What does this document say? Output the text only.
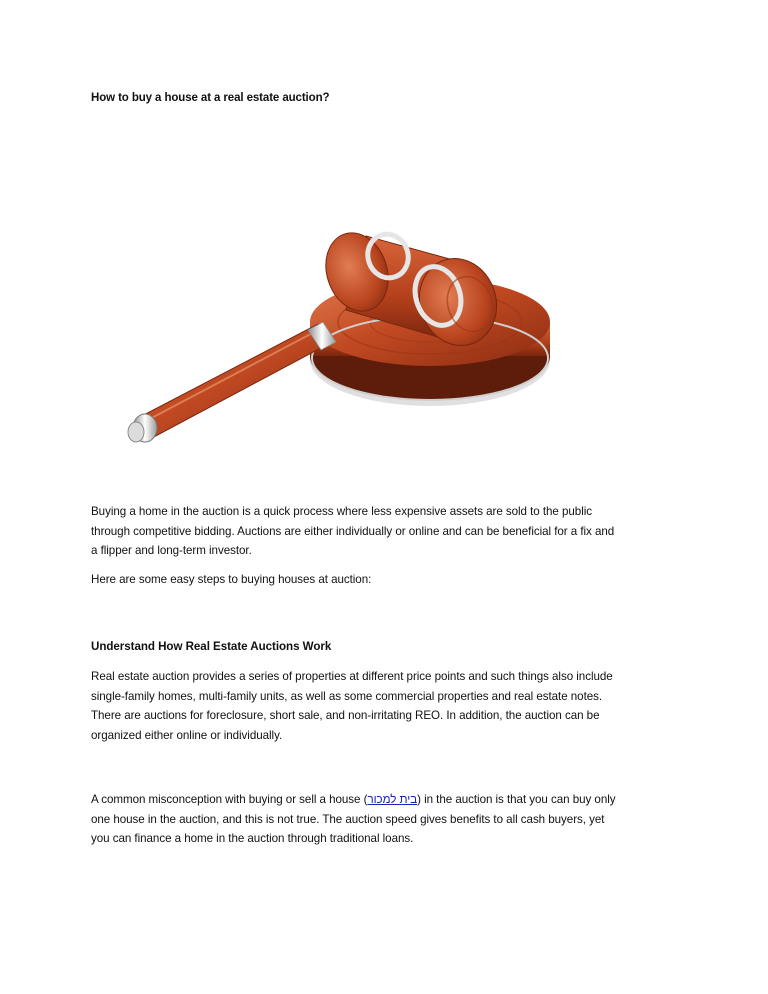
How to buy a house at a real estate auction?
Buying a home in the auction is a quick process where less expensive assets are sold to the public
through competitive bidding. Auctions are either individually or online and can be beneficial for a fix and
a flipper and long-term investor.
Here are some easy steps to buying houses at auction:
Understand How Real Estate Auctions Work
Real estate auction provides a series of properties at different price points and such things also include
single-family homes, multi-family units, as well as some commercial properties and real estate notes.
There are auctions for foreclosure, short sale, and non-irritating REO. In addition, the auction can be
organized either online or individually.
A common misconception with buying or sell a house (בית למכור) in the auction is that you can buy only
one house in the auction, and this is not true. The auction speed gives benefits to all cash buyers, yet
you can finance a home in the auction through traditional loans.
